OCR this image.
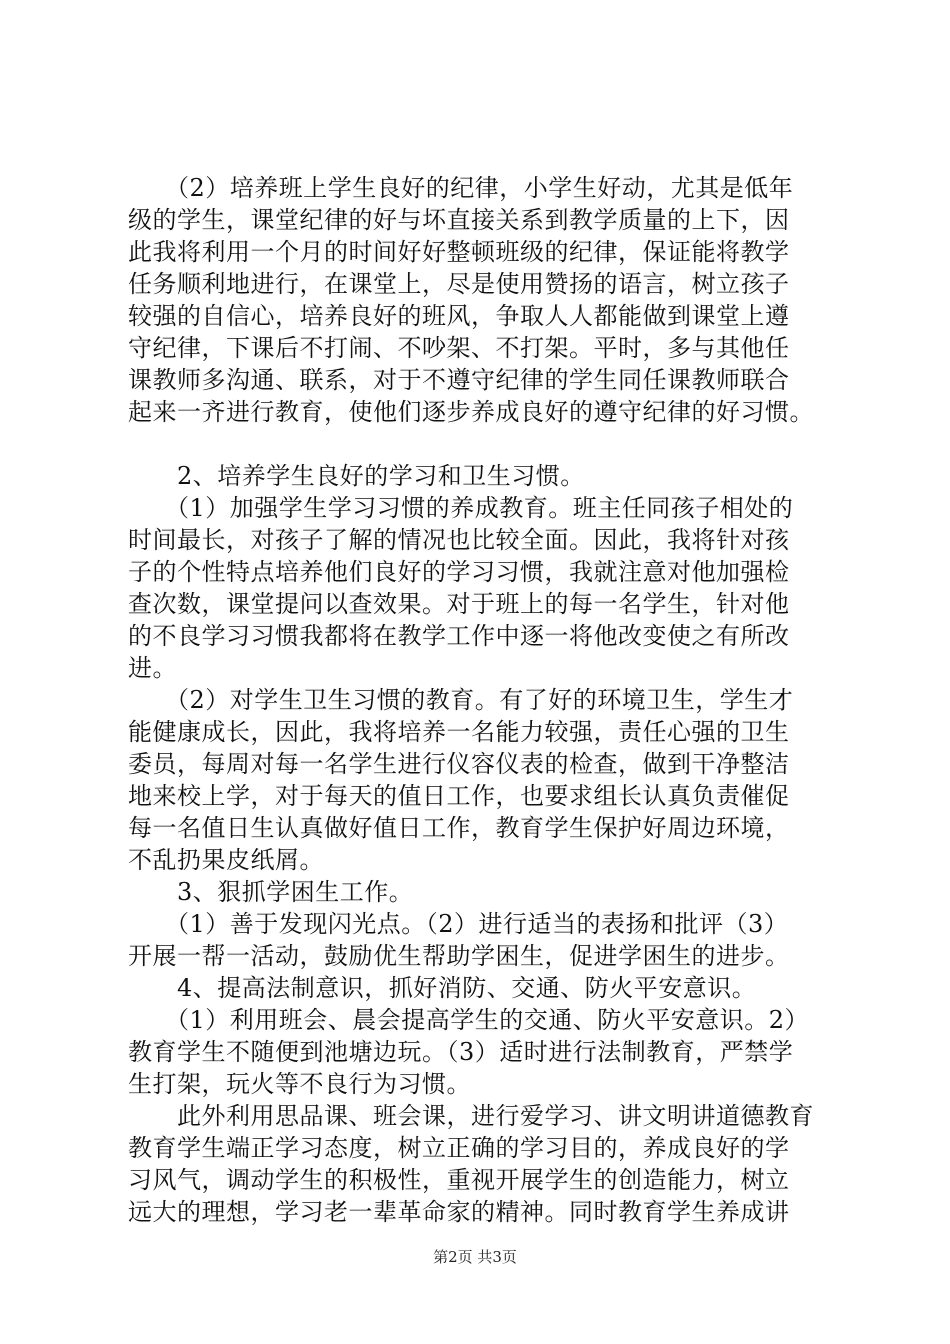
　　（2）培养班上学生良好的纪律，小学生好动，尤其是低年
级的学生，课堂纪律的好与坏直接关系到教学质量的上下，因
此我将利用一个月的时间好好整顿班级的纪律，保证能将教学
任务顺利地进行，在课堂上，尽是使用赞扬的语言，树立孩子
较强的自信心，培养良好的班风，争取人人都能做到课堂上遵
守纪律，下课后不打闹、不吵架、不打架。平时，多与其他任
课教师多沟通、联系，对于不遵守纪律的学生同任课教师联合
起来一齐进行教育，使他们逐步养成良好的遵守纪律的好习惯。
　　2、培养学生良好的学习和卫生习惯。
　　（1）加强学生学习习惯的养成教育。班主任同孩子相处的
时间最长，对孩子了解的情况也比较全面。因此，我将针对孩
子的个性特点培养他们良好的学习习惯，我就注意对他加强检
查次数，课堂提问以查效果。对于班上的每一名学生，针对他
的不良学习习惯我都将在教学工作中逐一将他改变使之有所改
进。
　　（2）对学生卫生习惯的教育。有了好的环境卫生，学生才
能健康成长，因此，我将培养一名能力较强，责任心强的卫生
委员，每周对每一名学生进行仪容仪表的检查，做到干净整洁
地来校上学，对于每天的值日工作，也要求组长认真负责催促
每一名值日生认真做好值日工作，教育学生保护好周边环境，
不乱扔果皮纸屑。
　　3、狠抓学困生工作。
　　（1）善于发现闪光点。（2）进行适当的表扬和批评（3）
开展一帮一活动，鼓励优生帮助学困生，促进学困生的进步。
　　4、提高法制意识，抓好消防、交通、防火平安意识。
　　（1）利用班会、晨会提高学生的交通、防火平安意识。2）
教育学生不随便到池塘边玩。（3）适时进行法制教育，严禁学
生打架，玩火等不良行为习惯。
　　此外利用思品课、班会课，进行爱学习、讲文明讲道德教育
教育学生端正学习态度，树立正确的学习目的，养成良好的学
习风气，调动学生的积极性，重视开展学生的创造能力，树立
远大的理想，学习老一辈革命家的精神。同时教育学生养成讲
第2页 共3页
